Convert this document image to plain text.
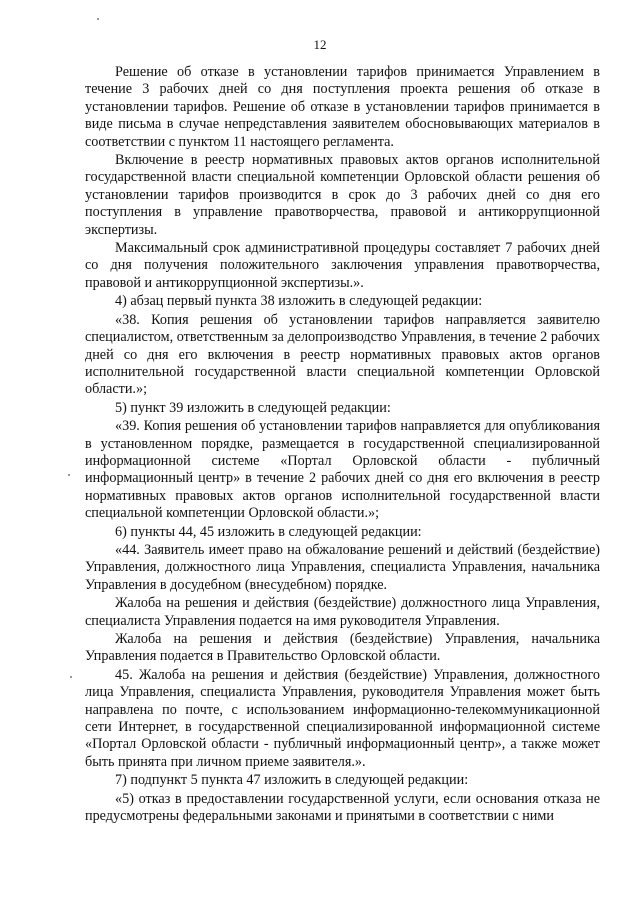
12

Решение об отказе в установлении тарифов принимается Управлением в течение 3 рабочих дней со дня поступления проекта решения об отказе в установлении тарифов. Решение об отказе в установлении тарифов принимается в виде письма в случае непредставления заявителем обосновывающих материалов в соответствии с пунктом 11 настоящего регламента.

Включение в реестр нормативных правовых актов органов исполнительной государственной власти специальной компетенции Орловской области решения об установлении тарифов производится в срок до 3 рабочих дней со дня его поступления в управление правотворчества, правовой и антикоррупционной экспертизы.

Максимальный срок административной процедуры составляет 7 рабочих дней со дня получения положительного заключения управления правотворчества, правовой и антикоррупционной экспертизы.».

4) абзац первый пункта 38 изложить в следующей редакции:

«38. Копия решения об установлении тарифов направляется заявителю специалистом, ответственным за делопроизводство Управления, в течение 2 рабочих дней со дня его включения в реестр нормативных правовых актов органов исполнительной государственной власти специальной компетенции Орловской области.»;

5) пункт 39 изложить в следующей редакции:

«39. Копия решения об установлении тарифов направляется для опубликования в установленном порядке, размещается в государственной специализированной информационной системе «Портал Орловской области - публичный информационный центр» в течение 2 рабочих дней со дня его включения в реестр нормативных правовых актов органов исполнительной государственной власти специальной компетенции Орловской области.»;

6) пункты 44, 45 изложить в следующей редакции:

«44. Заявитель имеет право на обжалование решений и действий (бездействие) Управления, должностного лица Управления, специалиста Управления, начальника Управления в досудебном (внесудебном) порядке.

Жалоба на решения и действия (бездействие) должностного лица Управления, специалиста Управления подается на имя руководителя Управления.

Жалоба на решения и действия (бездействие) Управления, начальника Управления подается в Правительство Орловской области.

45. Жалоба на решения и действия (бездействие) Управления, должностного лица Управления, специалиста Управления, руководителя Управления может быть направлена по почте, с использованием информационно-телекоммуникационной сети Интернет, в государственной специализированной информационной системе «Портал Орловской области - публичный информационный центр», а также может быть принята при личном приеме заявителя.».

7) подпункт 5 пункта 47 изложить в следующей редакции:

«5) отказ в предоставлении государственной услуги, если основания отказа не предусмотрены федеральными законами и принятыми в соответствии с ними
